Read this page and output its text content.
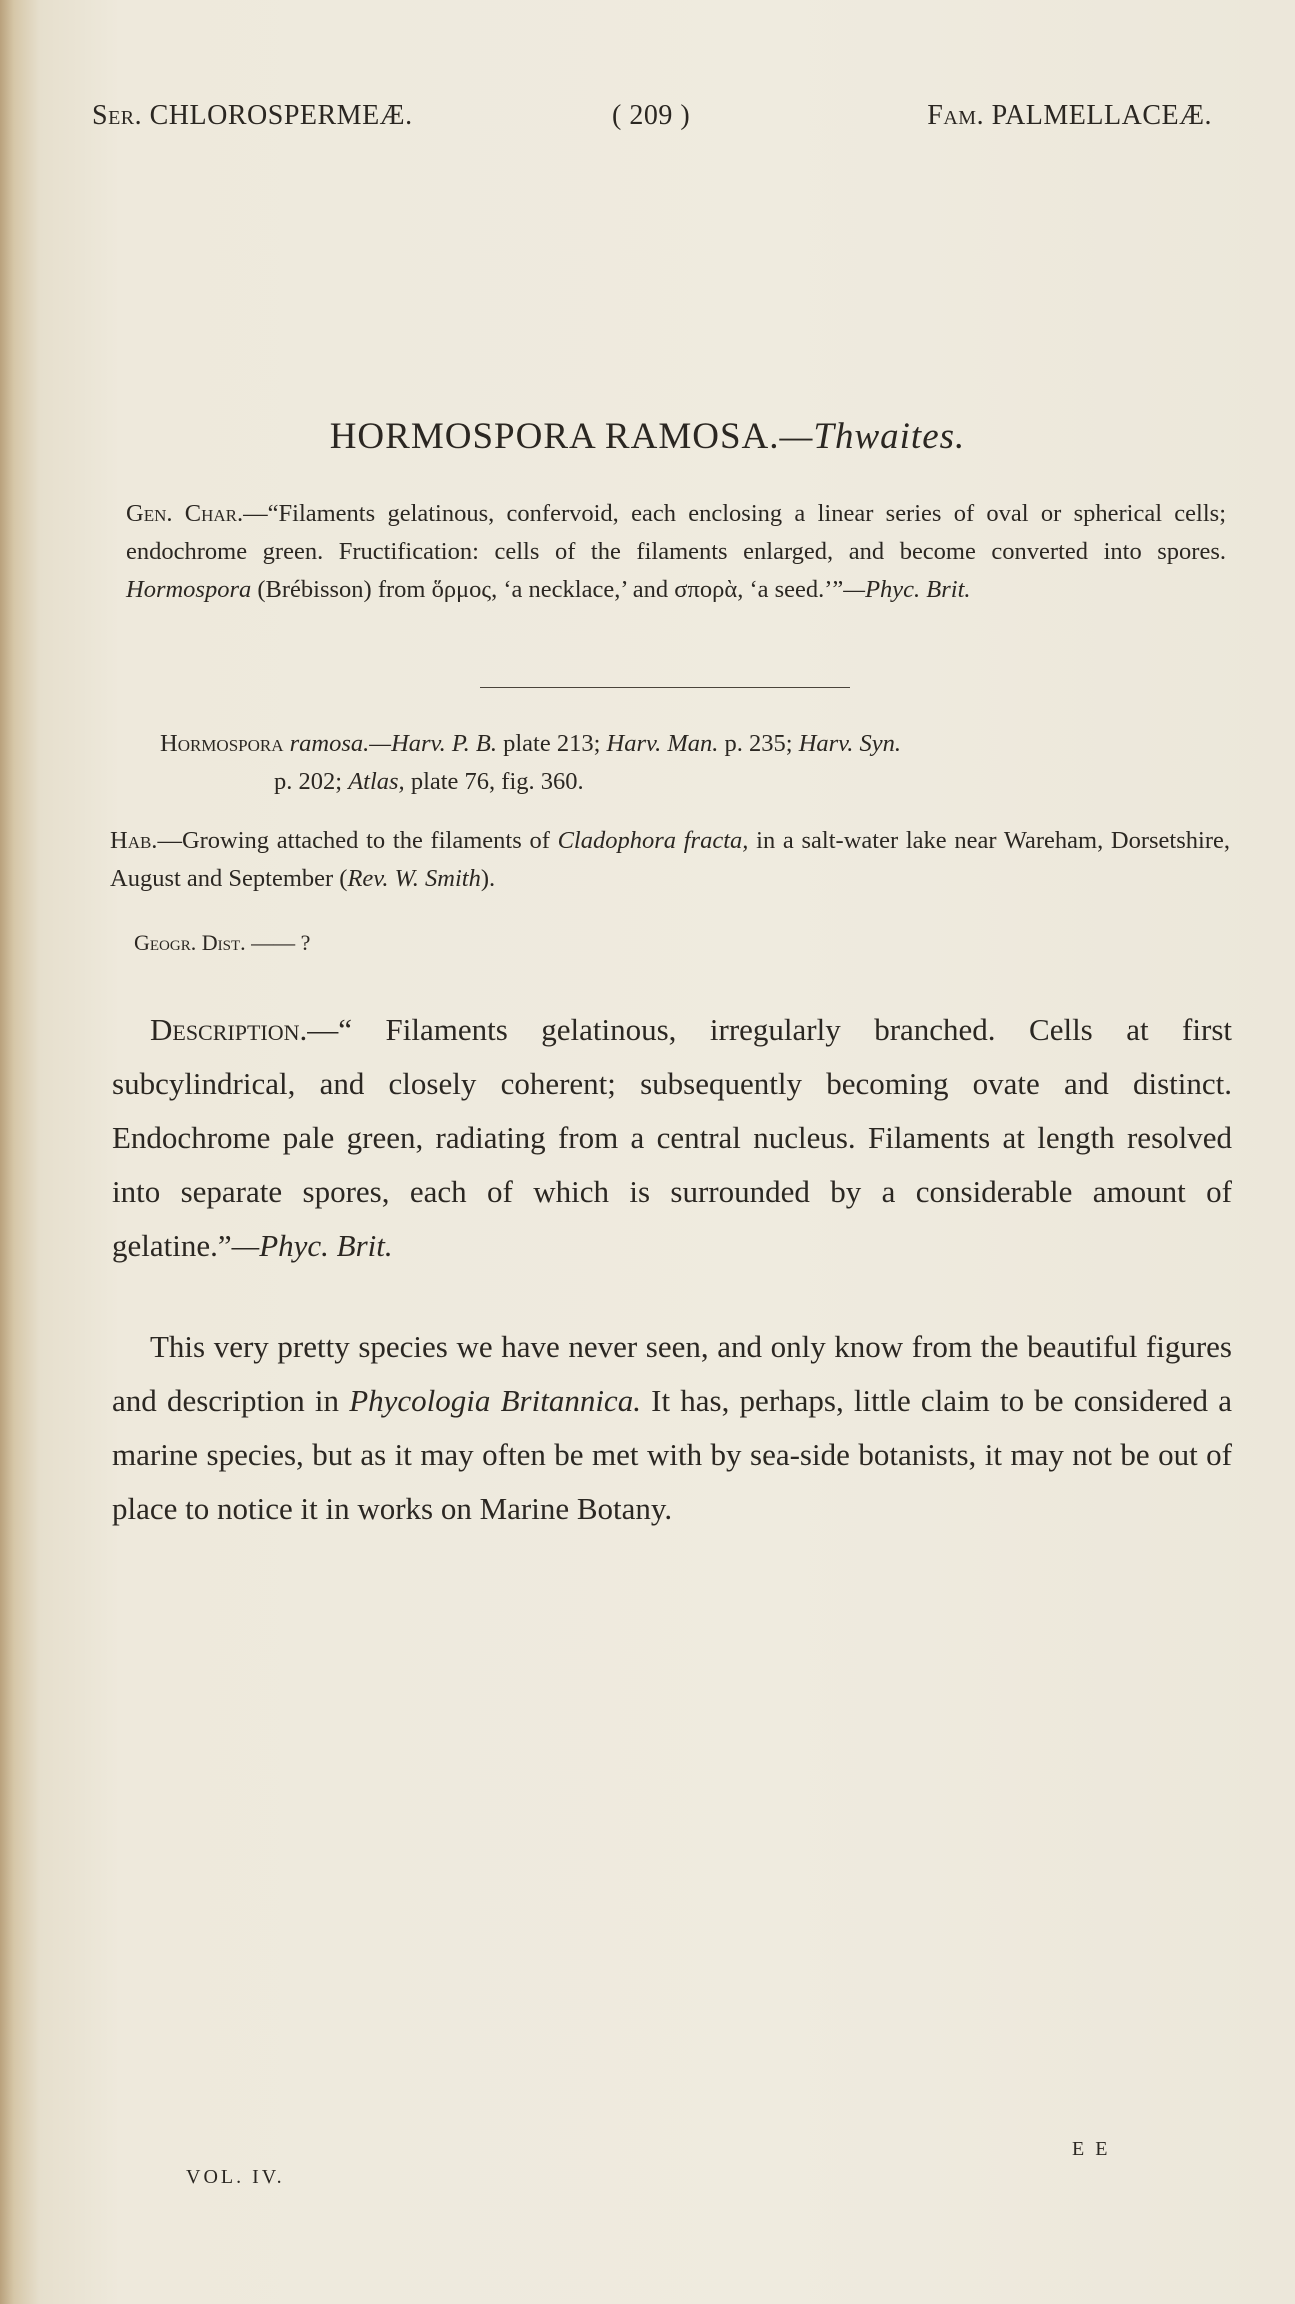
Ser. CHLOROSPERMEÆ.	( 209 )	Fam. PALMELLACEÆ.
HORMOSPORA RAMOSA.—Thwaites.
Gen. Char.—“Filaments gelatinous, confervoid, each enclosing a linear series of oval or spherical cells; endochrome green. Fructification: cells of the filaments enlarged, and become converted into spores. Hormospora (Brébisson) from ὅρμος, ‘a necklace,’ and σπορὰ, ‘a seed.’”—Phyc. Brit.
Hormospora ramosa.—Harv. P. B. plate 213; Harv. Man. p. 235; Harv. Syn.
p. 202; Atlas, plate 76, fig. 360.
Hab.—Growing attached to the filaments of Cladophora fracta, in a salt-water lake near Wareham, Dorsetshire, August and September (Rev. W. Smith).
Geogr. Dist. —— ?
Description.—“ Filaments gelatinous, irregularly branched. Cells at first subcylindrical, and closely coherent; subsequently becoming ovate and distinct. Endochrome pale green, radiating from a central nucleus. Filaments at length resolved into separate spores, each of which is surrounded by a considerable amount of gelatine.”—Phyc. Brit.
This very pretty species we have never seen, and only know from the beautiful figures and description in Phycologia Britannica. It has, perhaps, little claim to be considered a marine species, but as it may often be met with by sea-side botanists, it may not be out of place to notice it in works on Marine Botany.
E E
VOL. IV.
